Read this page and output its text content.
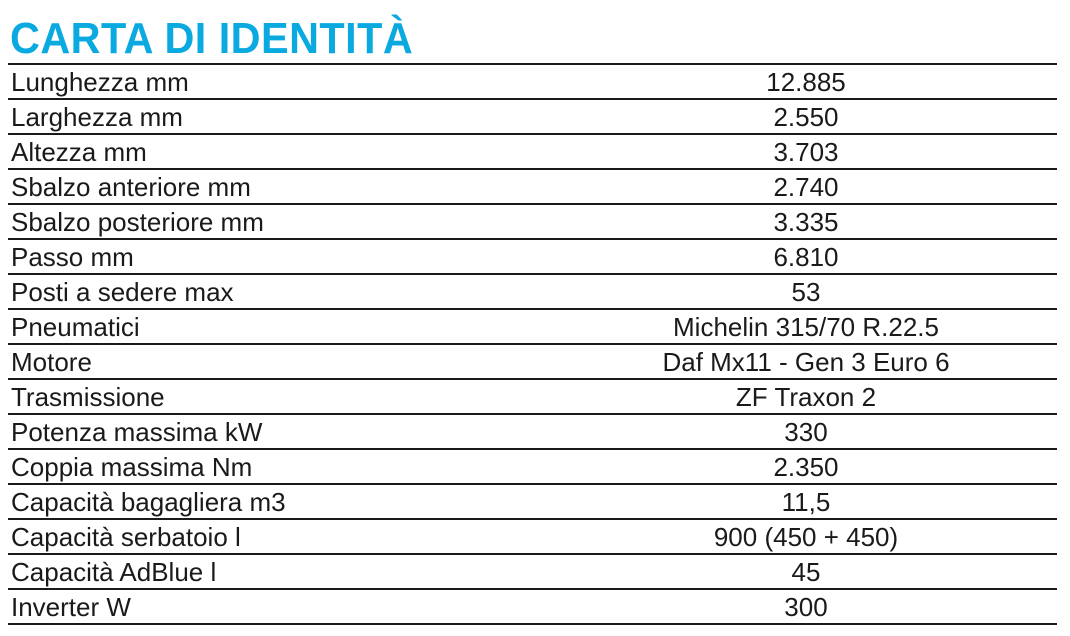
CARTA DI IDENTITÀ
Lunghezza mm	12.885
Larghezza mm	2.550
Altezza mm	3.703
Sbalzo anteriore mm	2.740
Sbalzo posteriore mm	3.335
Passo mm	6.810
Posti a sedere max	53
Pneumatici	Michelin 315/70 R.22.5
Motore	Daf Mx11 - Gen 3 Euro 6
Trasmissione	ZF Traxon 2
Potenza massima kW	330
Coppia massima Nm	2.350
Capacità bagagliera m3	11,5
Capacità serbatoio l	900 (450 + 450)
Capacità AdBlue l	45
Inverter W	300
